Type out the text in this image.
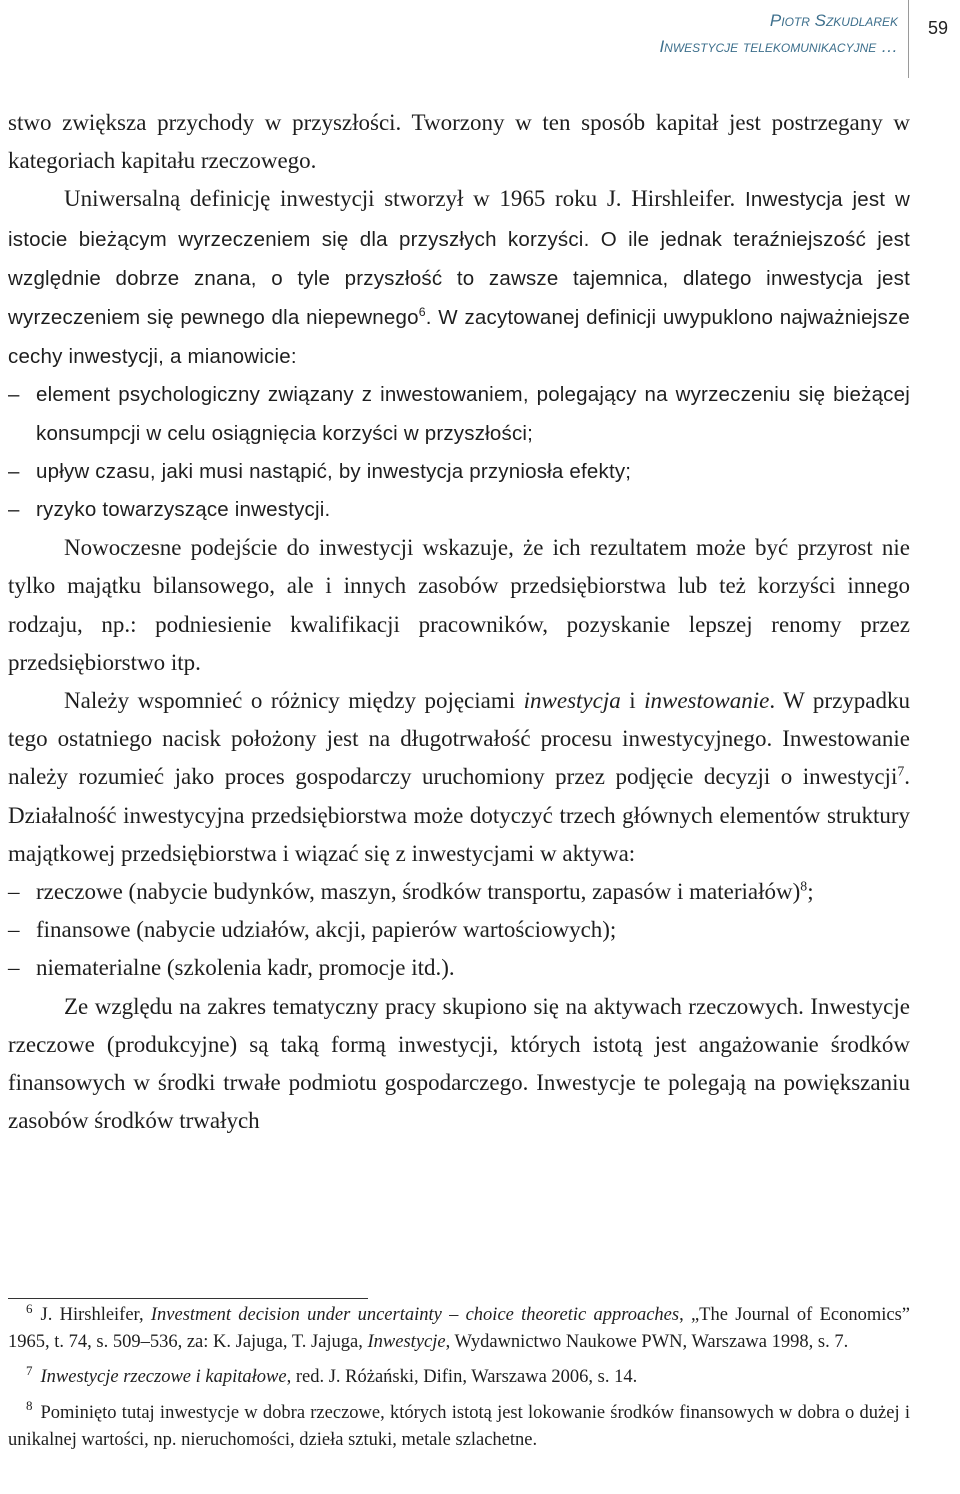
Piotr Szkudlarek
Inwestycje telekomunikacyjne …
59

stwo zwiększa przychody w przyszłości. Tworzony w ten sposób kapitał jest postrzegany w kategoriach kapitału rzeczowego.

Uniwersalną definicję inwestycji stworzył w 1965 roku J. Hirshleifer. Inwestycja jest w istocie bieżącym wyrzeczeniem się dla przyszłych korzyści. O ile jednak teraźniejszość jest względnie dobrze znana, o tyle przyszłość to zawsze tajemnica, dlatego inwestycja jest wyrzeczeniem się pewnego dla niepewnego$^6$. W zacytowanej definicji uwypuklono najważniejsze cechy inwestycji, a mianowicie:

– element psychologiczny związany z inwestowaniem, polegający na wyrzeczeniu się bieżącej konsumpcji w celu osiągnięcia korzyści w przyszłości;
– upływ czasu, jaki musi nastąpić, by inwestycja przyniosła efekty;
– ryzyko towarzyszące inwestycji.

Nowoczesne podejście do inwestycji wskazuje, że ich rezultatem może być przyrost nie tylko majątku bilansowego, ale i innych zasobów przedsiębiorstwa lub też korzyści innego rodzaju, np.: podniesienie kwalifikacji pracowników, pozyskanie lepszej renomy przez przedsiębiorstwo itp.

Należy wspomnieć o różnicy między pojęciami inwestycja i inwestowanie. W przypadku tego ostatniego nacisk położony jest na długotrwałość procesu inwestycyjnego. Inwestowanie należy rozumieć jako proces gospodarczy uruchomiony przez podjęcie decyzji o inwestycji$^7$. Działalność inwestycyjna przedsiębiorstwa może dotyczyć trzech głównych elementów struktury majątkowej przedsiębiorstwa i wiązać się z inwestycjami w aktywa:

– rzeczowe (nabycie budynków, maszyn, środków transportu, zapasów i materiałów)$^8$;
– finansowe (nabycie udziałów, akcji, papierów wartościowych);
– niematerialne (szkolenia kadr, promocje itd.).

Ze względu na zakres tematyczny pracy skupiono się na aktywach rzeczowych. Inwestycje rzeczowe (produkcyjne) są taką formą inwestycji, których istotą jest angażowanie środków finansowych w środki trwałe podmiotu gospodarczego. Inwestycje te polegają na powiększaniu zasobów środków trwałych

$^6$ J. Hirshleifer, Investment decision under uncertainty – choice theoretic approaches, „The Journal of Economics” 1965, t. 74, s. 509–536, za: K. Jajuga, T. Jajuga, Inwestycje, Wydawnictwo Naukowe PWN, Warszawa 1998, s. 7.

$^7$ Inwestycje rzeczowe i kapitałowe, red. J. Różański, Difin, Warszawa 2006, s. 14.

$^8$ Pominięto tutaj inwestycje w dobra rzeczowe, których istotą jest lokowanie środków finansowych w dobra o dużej i unikalnej wartości, np. nieruchomości, dzieła sztuki, metale szlachetne.
